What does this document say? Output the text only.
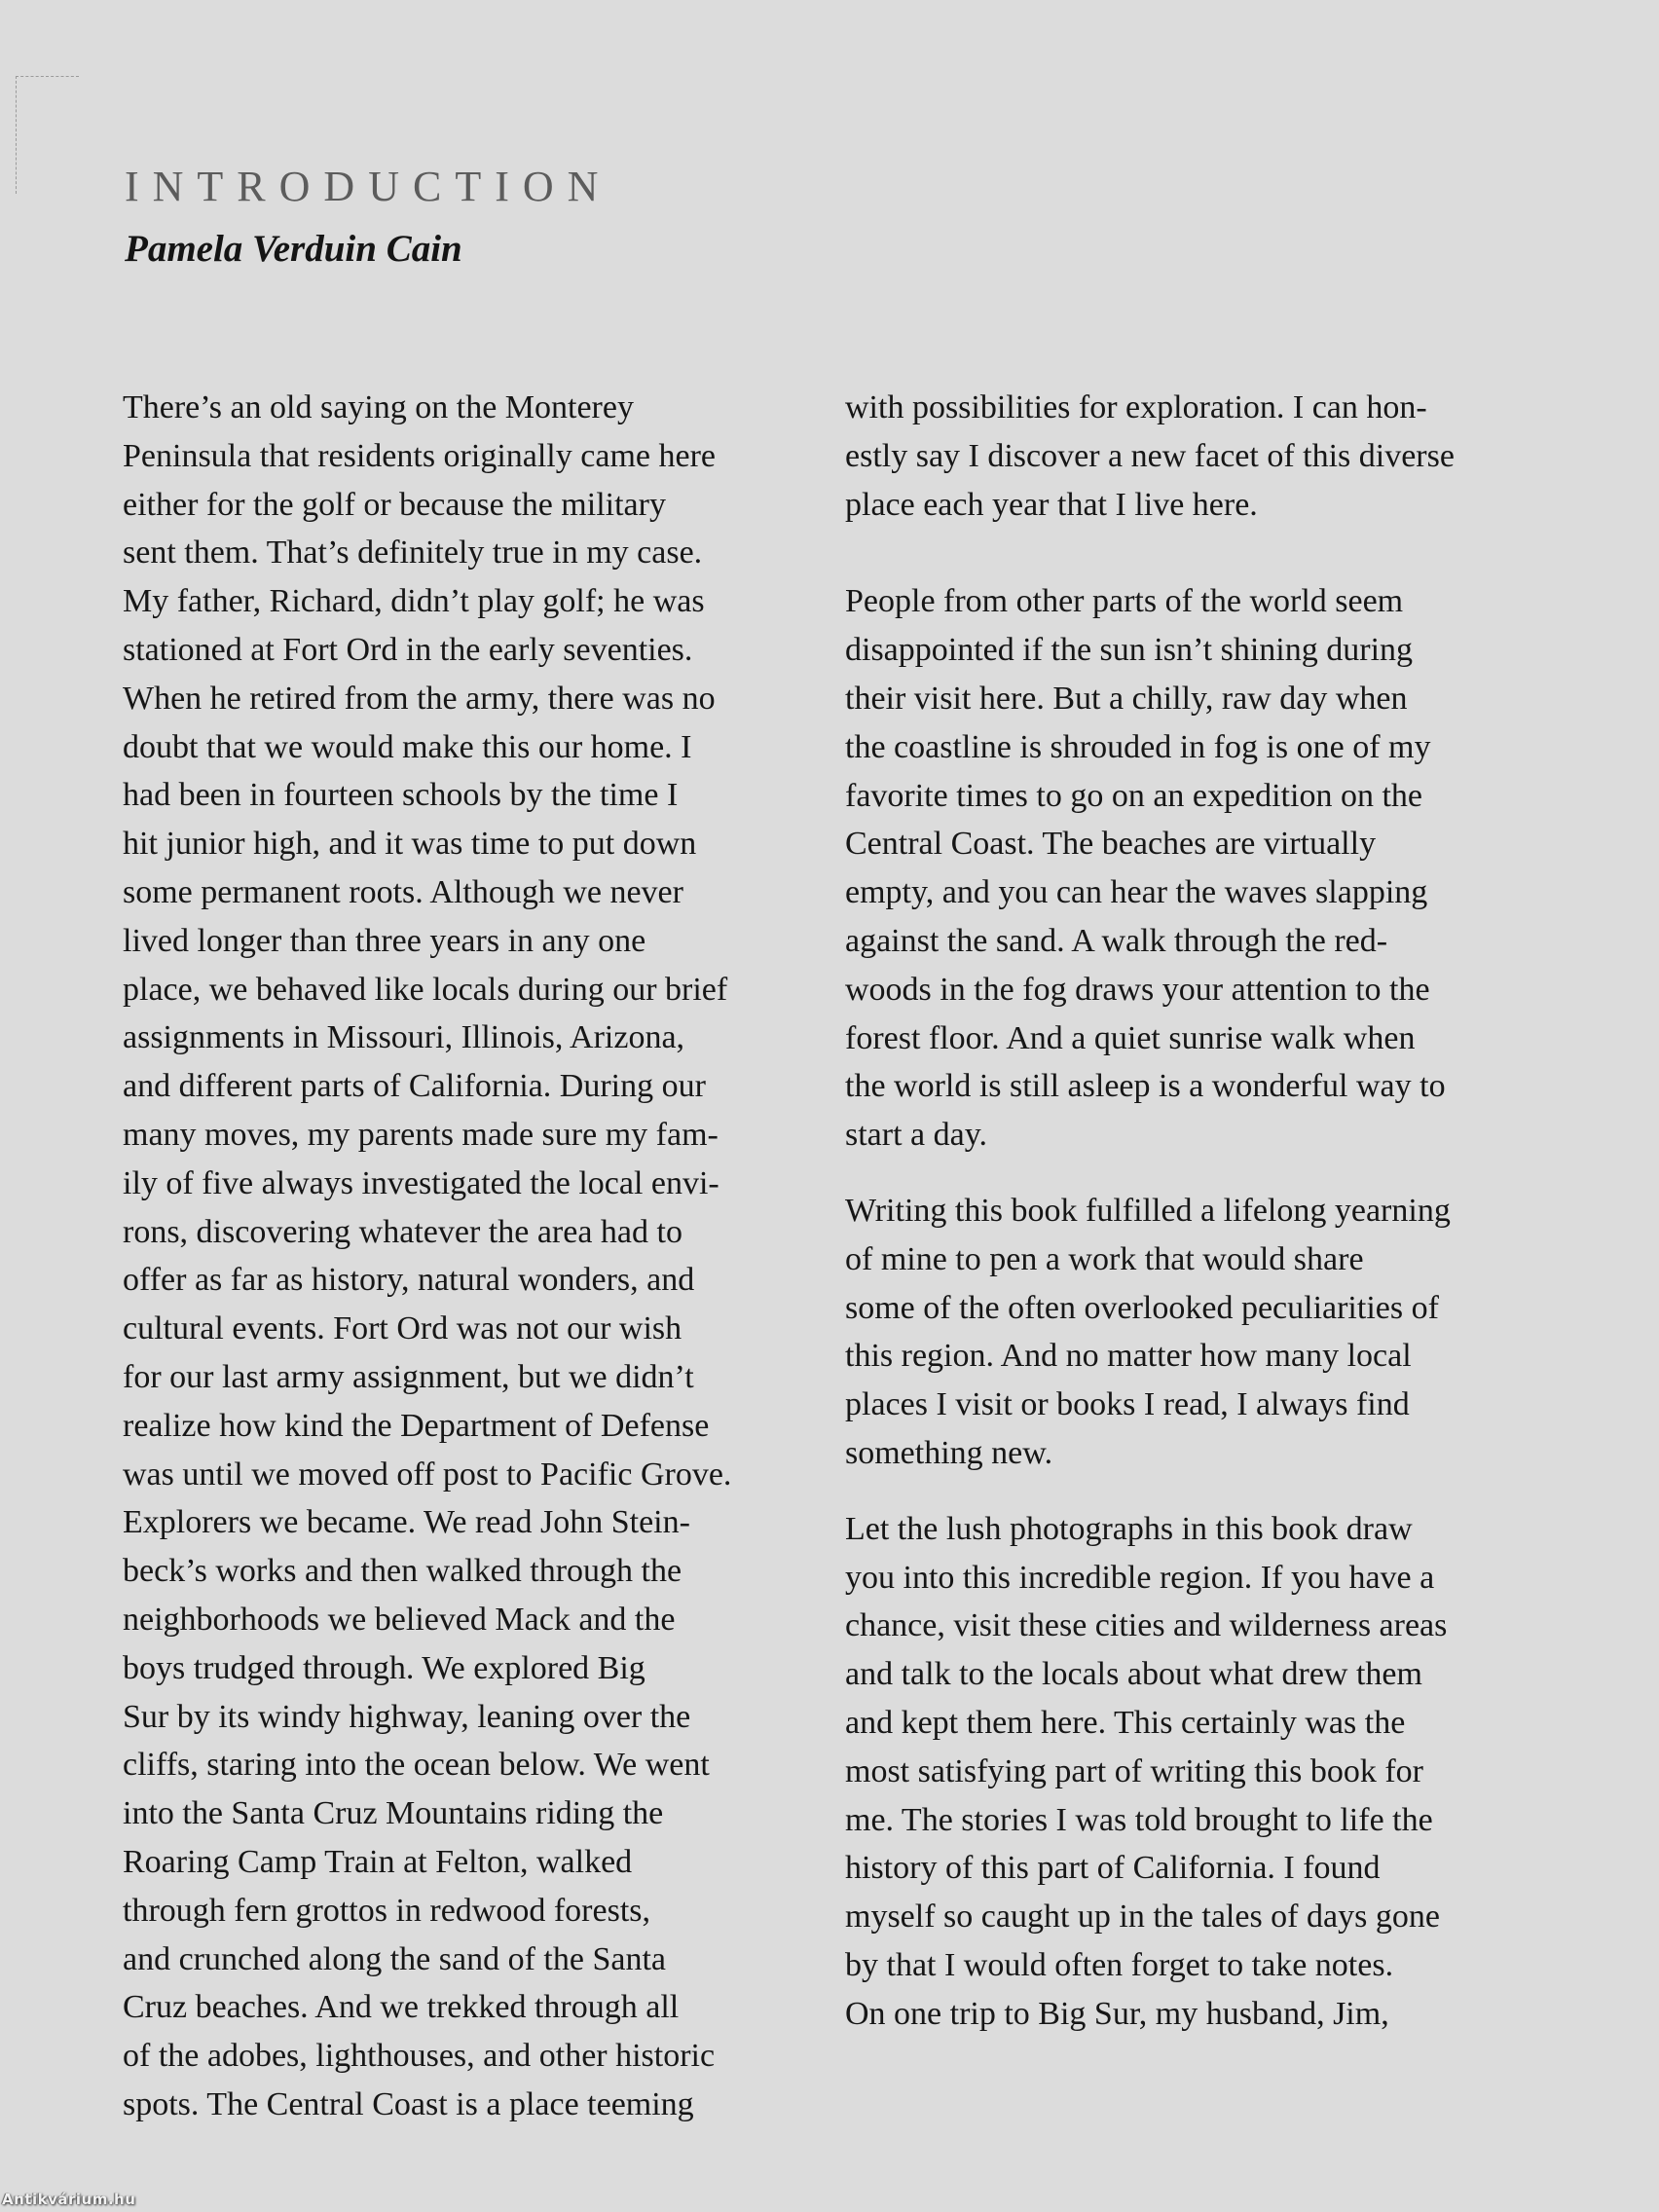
INTRODUCTION
Pamela Verduin Cain
There’s an old saying on the Monterey
Peninsula that residents originally came here
either for the golf or because the military
sent them. That’s definitely true in my case.
My father, Richard, didn’t play golf; he was
stationed at Fort Ord in the early seventies.
When he retired from the army, there was no
doubt that we would make this our home. I
had been in fourteen schools by the time I
hit junior high, and it was time to put down
some permanent roots. Although we never
lived longer than three years in any one
place, we behaved like locals during our brief
assignments in Missouri, Illinois, Arizona,
and different parts of California. During our
many moves, my parents made sure my fam-
ily of five always investigated the local envi-
rons, discovering whatever the area had to
offer as far as history, natural wonders, and
cultural events. Fort Ord was not our wish
for our last army assignment, but we didn’t
realize how kind the Department of Defense
was until we moved off post to Pacific Grove.
Explorers we became. We read John Stein-
beck’s works and then walked through the
neighborhoods we believed Mack and the
boys trudged through. We explored Big
Sur by its windy highway, leaning over the
cliffs, staring into the ocean below. We went
into the Santa Cruz Mountains riding the
Roaring Camp Train at Felton, walked
through fern grottos in redwood forests,
and crunched along the sand of the Santa
Cruz beaches. And we trekked through all
of the adobes, lighthouses, and other historic
spots. The Central Coast is a place teeming
with possibilities for exploration. I can hon-
estly say I discover a new facet of this diverse
place each year that I live here.
People from other parts of the world seem
disappointed if the sun isn’t shining during
their visit here. But a chilly, raw day when
the coastline is shrouded in fog is one of my
favorite times to go on an expedition on the
Central Coast. The beaches are virtually
empty, and you can hear the waves slapping
against the sand. A walk through the red-
woods in the fog draws your attention to the
forest floor. And a quiet sunrise walk when
the world is still asleep is a wonderful way to
start a day.
Writing this book fulfilled a lifelong yearning
of mine to pen a work that would share
some of the often overlooked peculiarities of
this region. And no matter how many local
places I visit or books I read, I always find
something new.
Let the lush photographs in this book draw
you into this incredible region. If you have a
chance, visit these cities and wilderness areas
and talk to the locals about what drew them
and kept them here. This certainly was the
most satisfying part of writing this book for
me. The stories I was told brought to life the
history of this part of California. I found
myself so caught up in the tales of days gone
by that I would often forget to take notes.
On one trip to Big Sur, my husband, Jim,
Antikvárium.hu
